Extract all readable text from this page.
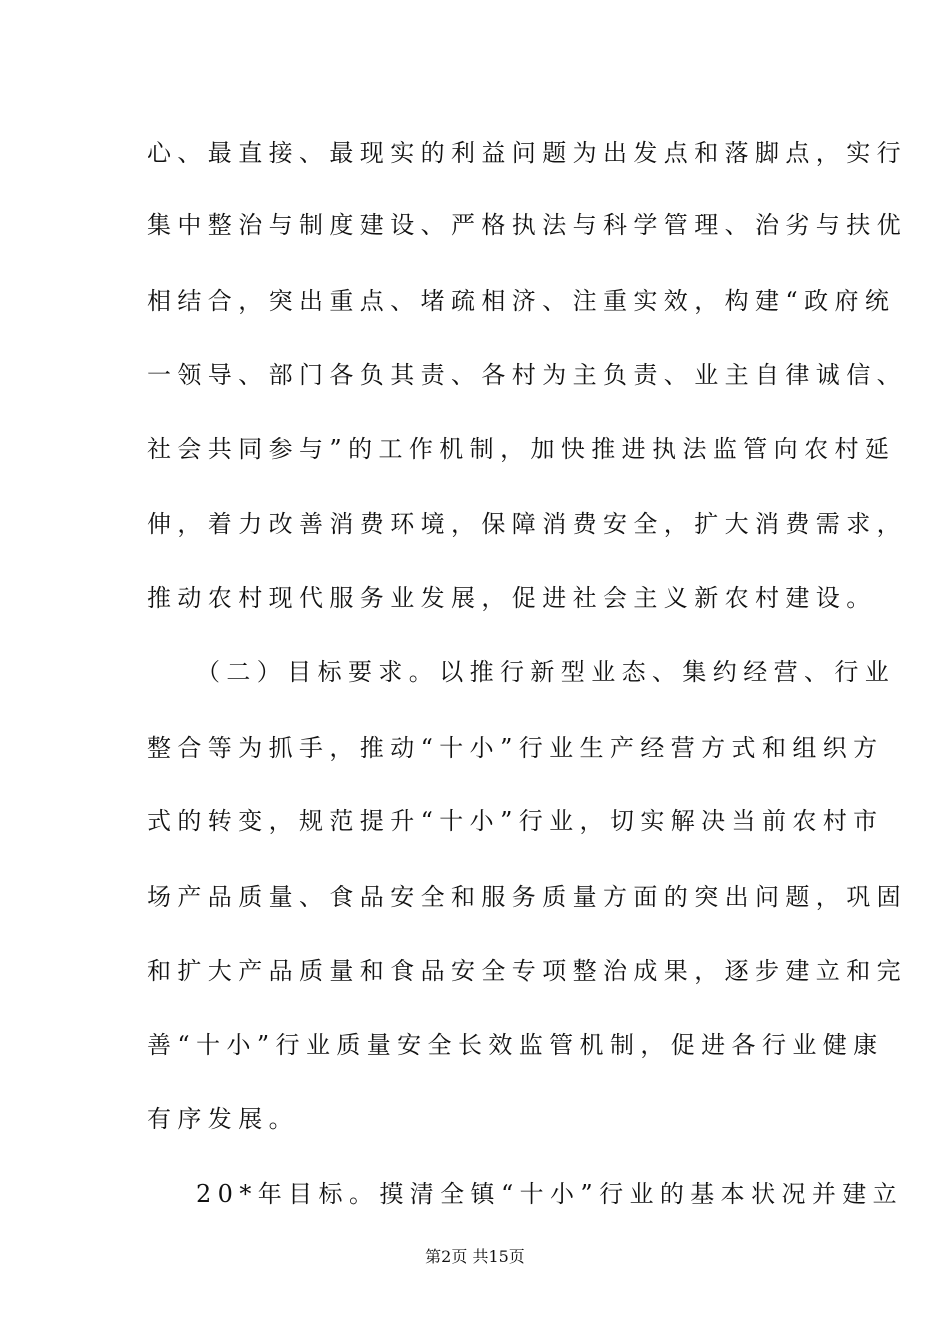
心、最直接、最现实的利益问题为出发点和落脚点，实行

集中整治与制度建设、严格执法与科学管理、治劣与扶优

相结合，突出重点、堵疏相济、注重实效，构建“政府统

一领导、部门各负其责、各村为主负责、业主自律诚信、

社会共同参与”的工作机制，加快推进执法监管向农村延

伸，着力改善消费环境，保障消费安全，扩大消费需求，

推动农村现代服务业发展，促进社会主义新农村建设。

（二）目标要求。以推行新型业态、集约经营、行业

整合等为抓手，推动“十小”行业生产经营方式和组织方

式的转变，规范提升“十小”行业，切实解决当前农村市

场产品质量、食品安全和服务质量方面的突出问题，巩固

和扩大产品质量和食品安全专项整治成果，逐步建立和完

善“十小”行业质量安全长效监管机制，促进各行业健康

有序发展。

20*年目标。摸清全镇“十小”行业的基本状况并建立

第2页 共15页
